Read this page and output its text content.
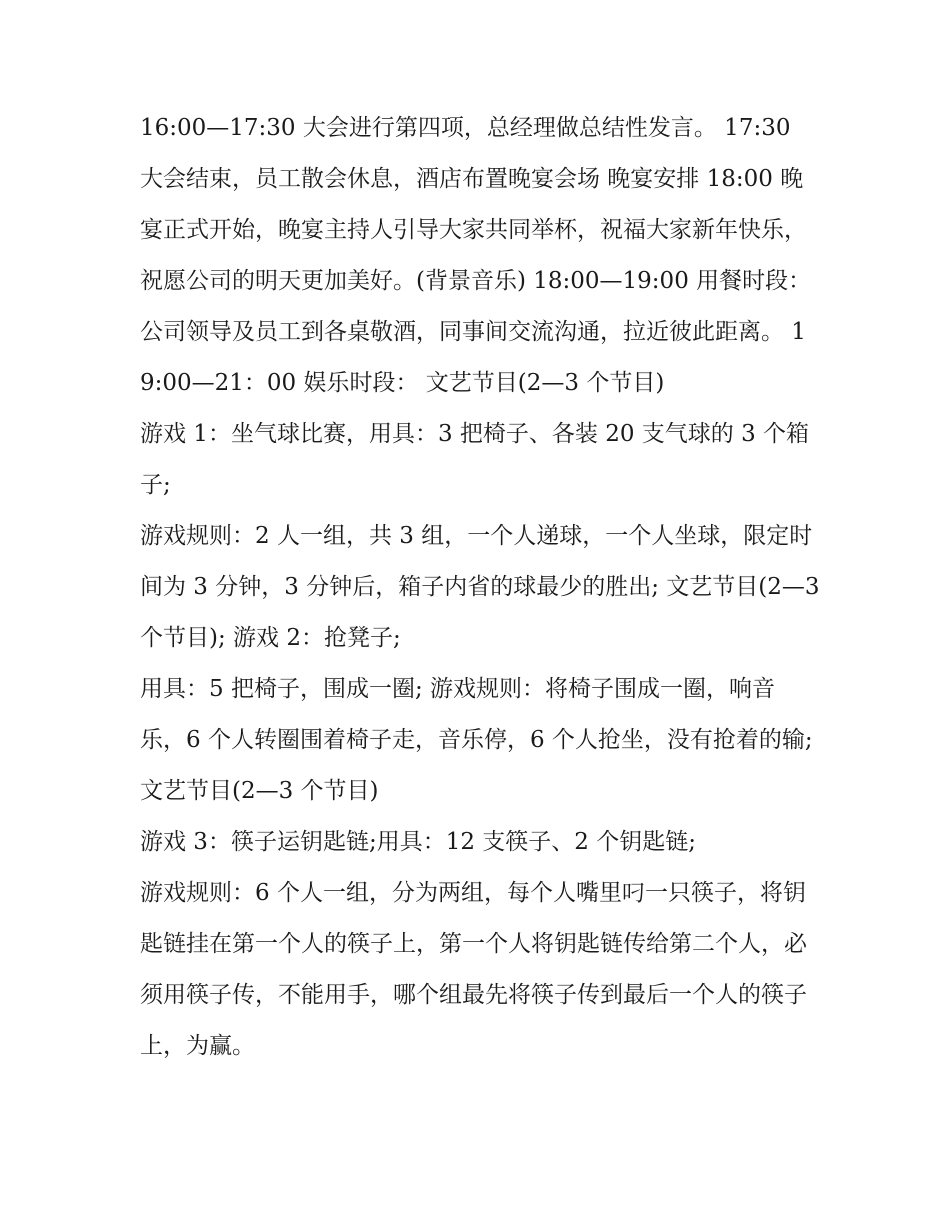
16:00—17:30 大会进行第四项，总经理做总结性发言。 17:30 大会结束，员工散会休息，酒店布置晚宴会场 晚宴安排 18:00 晚宴正式开始，晚宴主持人引导大家共同举杯，祝福大家新年快乐，祝愿公司的明天更加美好。(背景音乐) 18:00—19:00 用餐时段：公司领导及员工到各桌敬酒，同事间交流沟通，拉近彼此距离。 19:00—21：00 娱乐时段： 文艺节目(2—3 个节目)

游戏 1：坐气球比赛，用具：3 把椅子、各装 20 支气球的 3 个箱子;

游戏规则：2 人一组，共 3 组，一个人递球，一个人坐球，限定时间为 3 分钟，3 分钟后，箱子内省的球最少的胜出; 文艺节目(2—3 个节目); 游戏 2：抢凳子;

用具：5 把椅子，围成一圈; 游戏规则：将椅子围成一圈，响音乐，6 个人转圈围着椅子走，音乐停，6 个人抢坐，没有抢着的输; 文艺节目(2—3 个节目)

游戏 3：筷子运钥匙链;用具：12 支筷子、2 个钥匙链;

游戏规则：6 个人一组，分为两组，每个人嘴里叼一只筷子，将钥匙链挂在第一个人的筷子上，第一个人将钥匙链传给第二个人，必须用筷子传，不能用手，哪个组最先将筷子传到最后一个人的筷子上，为赢。
